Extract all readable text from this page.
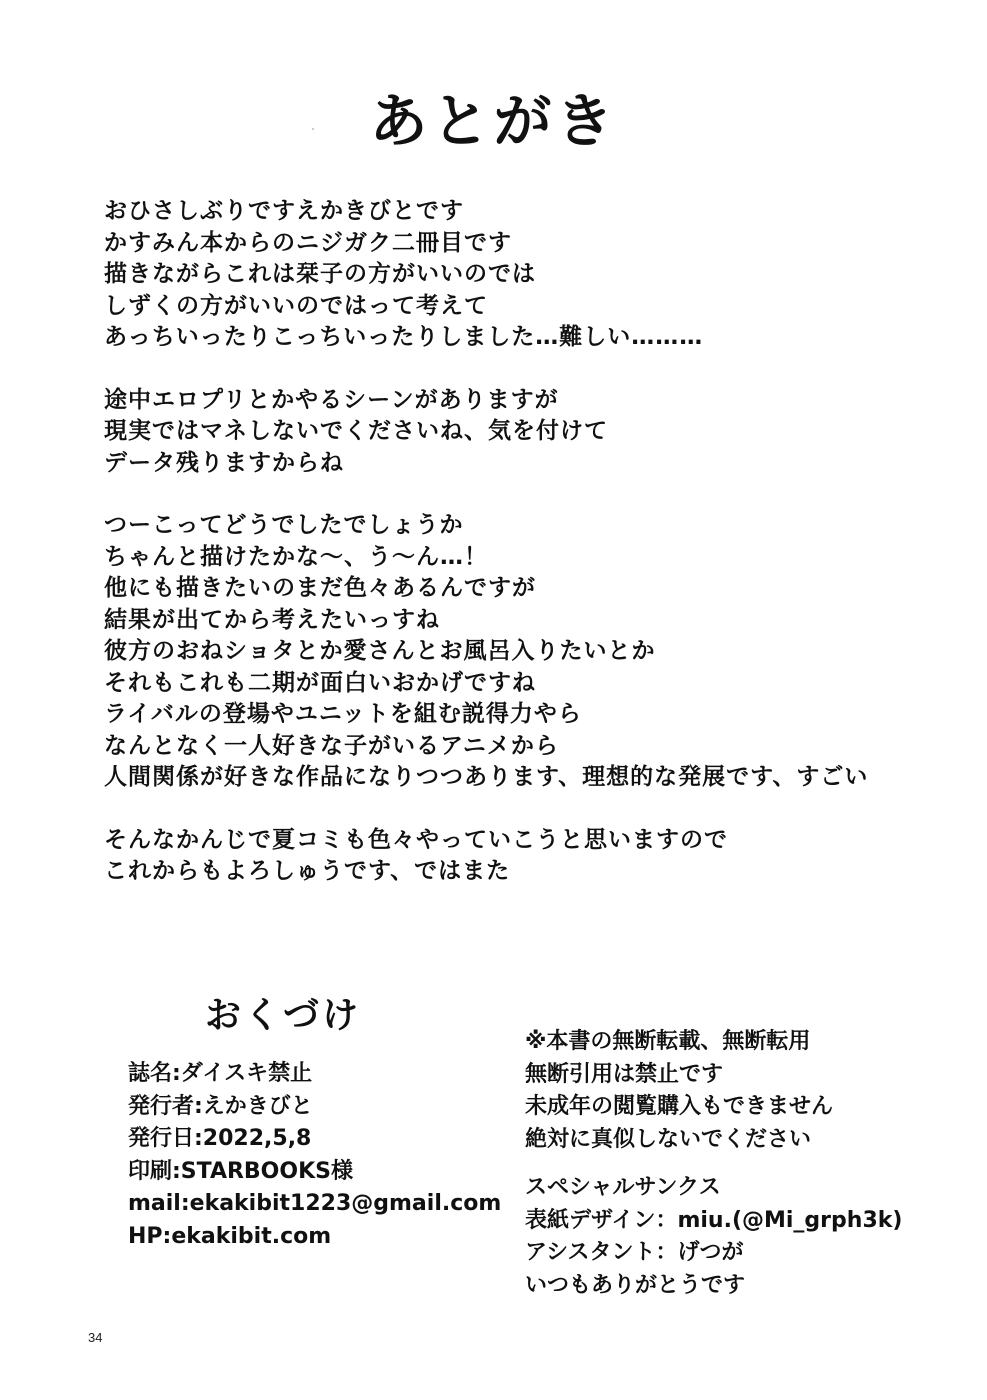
あとがき
おひさしぶりですえかきびとです
かすみん本からのニジガク二冊目です
描きながらこれは栞子の方がいいのでは
しずくの方がいいのではって考えて
あっちいったりこっちいったりしました…難しい………
途中エロプリとかやるシーンがありますが
現実ではマネしないでくださいね、気を付けて
データ残りますからね
つーこってどうでしたでしょうか
ちゃんと描けたかな〜、う〜ん…！
他にも描きたいのまだ色々あるんですが
結果が出てから考えたいっすね
彼方のおねショタとか愛さんとお風呂入りたいとか
それもこれも二期が面白いおかげですね
ライバルの登場やユニットを組む説得力やら
なんとなく一人好きな子がいるアニメから
人間関係が好きな作品になりつつあります、理想的な発展です、すごい
そんなかんじで夏コミも色々やっていこうと思いますので
これからもよろしゅうです、ではまた
おくづけ
誌名:ダイスキ禁止
発行者:えかきびと
発行日:2022,5,8
印刷:STARBOOKS様
mail:ekakibit1223@gmail.com
HP:ekakibit.com
※本書の無断転載、無断転用
無断引用は禁止です
未成年の閲覧購入もできません
絶対に真似しないでください
スペシャルサンクス
表紙デザイン：miu.(@Mi_grph3k)
アシスタント：げつが
いつもありがとうです
34
